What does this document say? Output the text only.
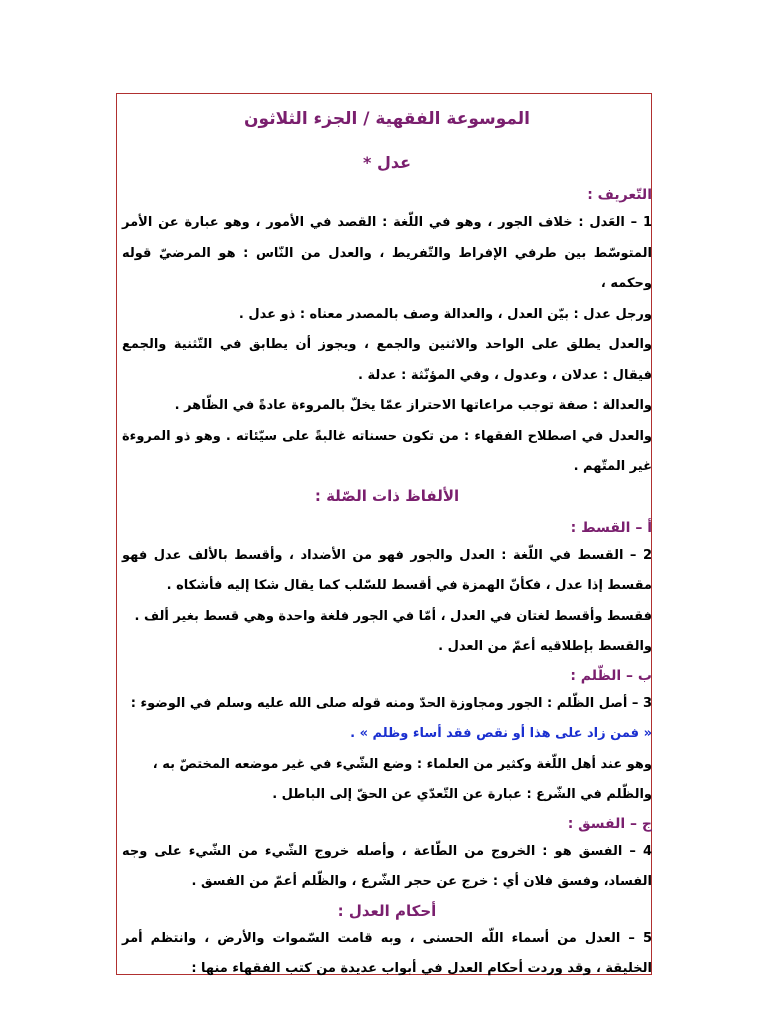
الموسوعة الفقهية / الجزء الثلاثون
عدل *
التّعريف :
1 – العَدل : خلاف الجور ، وهو في اللّغة : القصد في الأمور ، وهو عبارة عن الأمر المتوسّط بين طرفي الإفراط والتّفريط ، والعدل من النّاس : هو المرضيّ قوله وحكمه ،
ورجل عدل : بيّن العدل ، والعدالة وصف بالمصدر معناه : ذو عدل .
والعدل يطلق على الواحد والاثنين والجمع ، ويجوز أن يطابق في التّثنية والجمع فيقال : عدلان ، وعدول ، وفي المؤنّثة : عدلة .
والعدالة : صفة توجب مراعاتها الاحتراز عمّا يخلّ بالمروءة عادةً في الظّاهر .
والعدل في اصطلاح الفقهاء : من تكون حسناته غالبةً على سيّئاته . وهو ذو المروءة غير المتّهم .
الألفاظ ذات الصّلة :
أ – القسط :
2 – القسط في اللّغة : العدل والجور فهو من الأضداد ، وأقسط بالألف عدل فهو مقسط إذا عدل ، فكأنّ الهمزة في أقسط للسّلب كما يقال شكا إليه فأشكاه .
فقسط وأقسط لغتان في العدل ، أمّا في الجور فلغة واحدة وهي قسط بغير ألف .
والقسط بإطلاقيه أعمّ من العدل .
ب – الظّلم :
3 – أصل الظّلم : الجور ومجاوزة الحدّ ومنه قوله صلى الله عليه وسلم في الوضوء :
« فمن زاد على هذا أو نقص فقد أساء وظلم » .
وهو عند أهل اللّغة وكثير من العلماء : وضع الشّيء في غير موضعه المختصّ به ،
والظّلم في الشّرع : عبارة عن التّعدّي عن الحقّ إلى الباطل .
ج – الفسق :
4 – الفسق هو : الخروج من الطّاعة ، وأصله خروج الشّيء من الشّيء على وجه الفساد، وفسق فلان أي : خرج عن حجر الشّرع ، والظّلم أعمّ من الفسق .
أحكام العدل :
5 – العدل من أسماء اللّه الحسنى ، وبه قامت السّموات والأرض ، وانتظم أمر الخليقة ، وقد وردت أحكام العدل في أبواب عديدة من كتب الفقهاء منها :
